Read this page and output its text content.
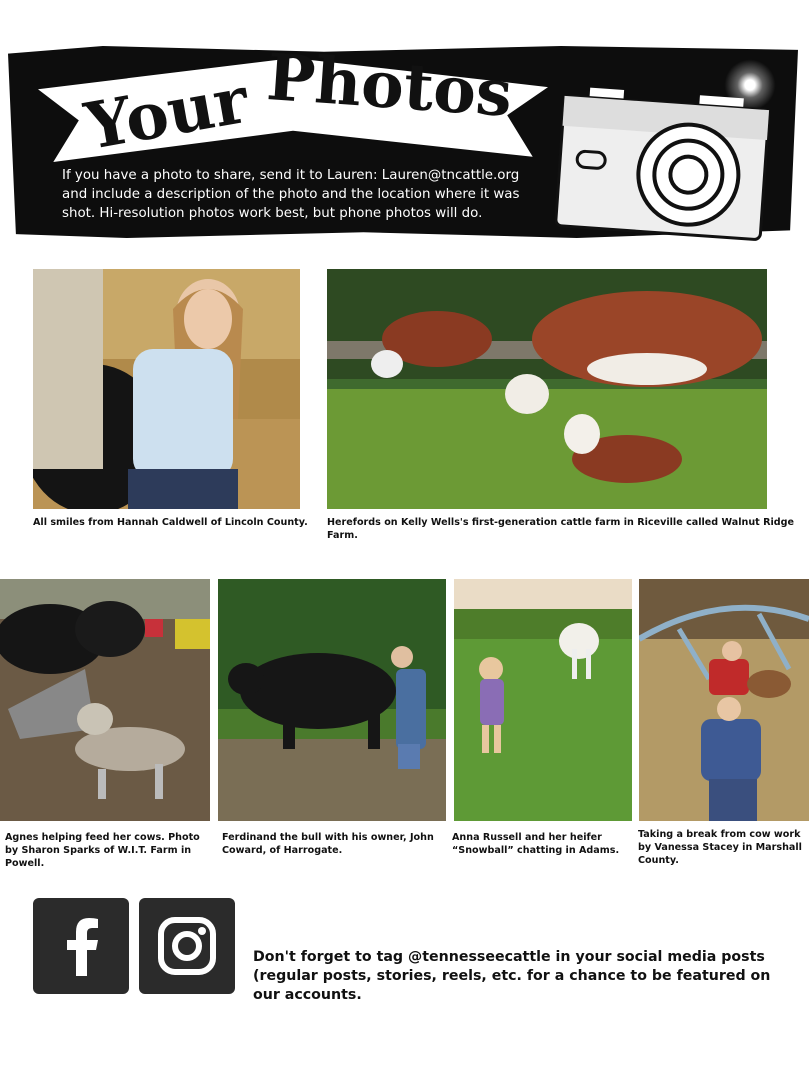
Your Photos
If you have a photo to share, send it to Lauren: Lauren@tncattle.org and include a description of the photo and the location where it was shot. Hi-resolution photos work best, but phone photos will do.
All smiles from Hannah Caldwell of Lincoln County.	Herefords on Kelly Wells's first-generation cattle farm in Riceville called Walnut Ridge Farm.
Agnes helping feed her cows. Photo by Sharon Sparks of W.I.T. Farm in Powell.
Ferdinand the bull with his owner, John Coward, of Harrogate.
Anna Russell and her heifer “Snowball” chatting in Adams.
Taking a break from cow work by Vanessa Stacey in Marshall County.
Don't forget to tag @tennesseecattle in your social media posts (regular posts, stories, reels, etc. for a chance to be featured on our accounts.
